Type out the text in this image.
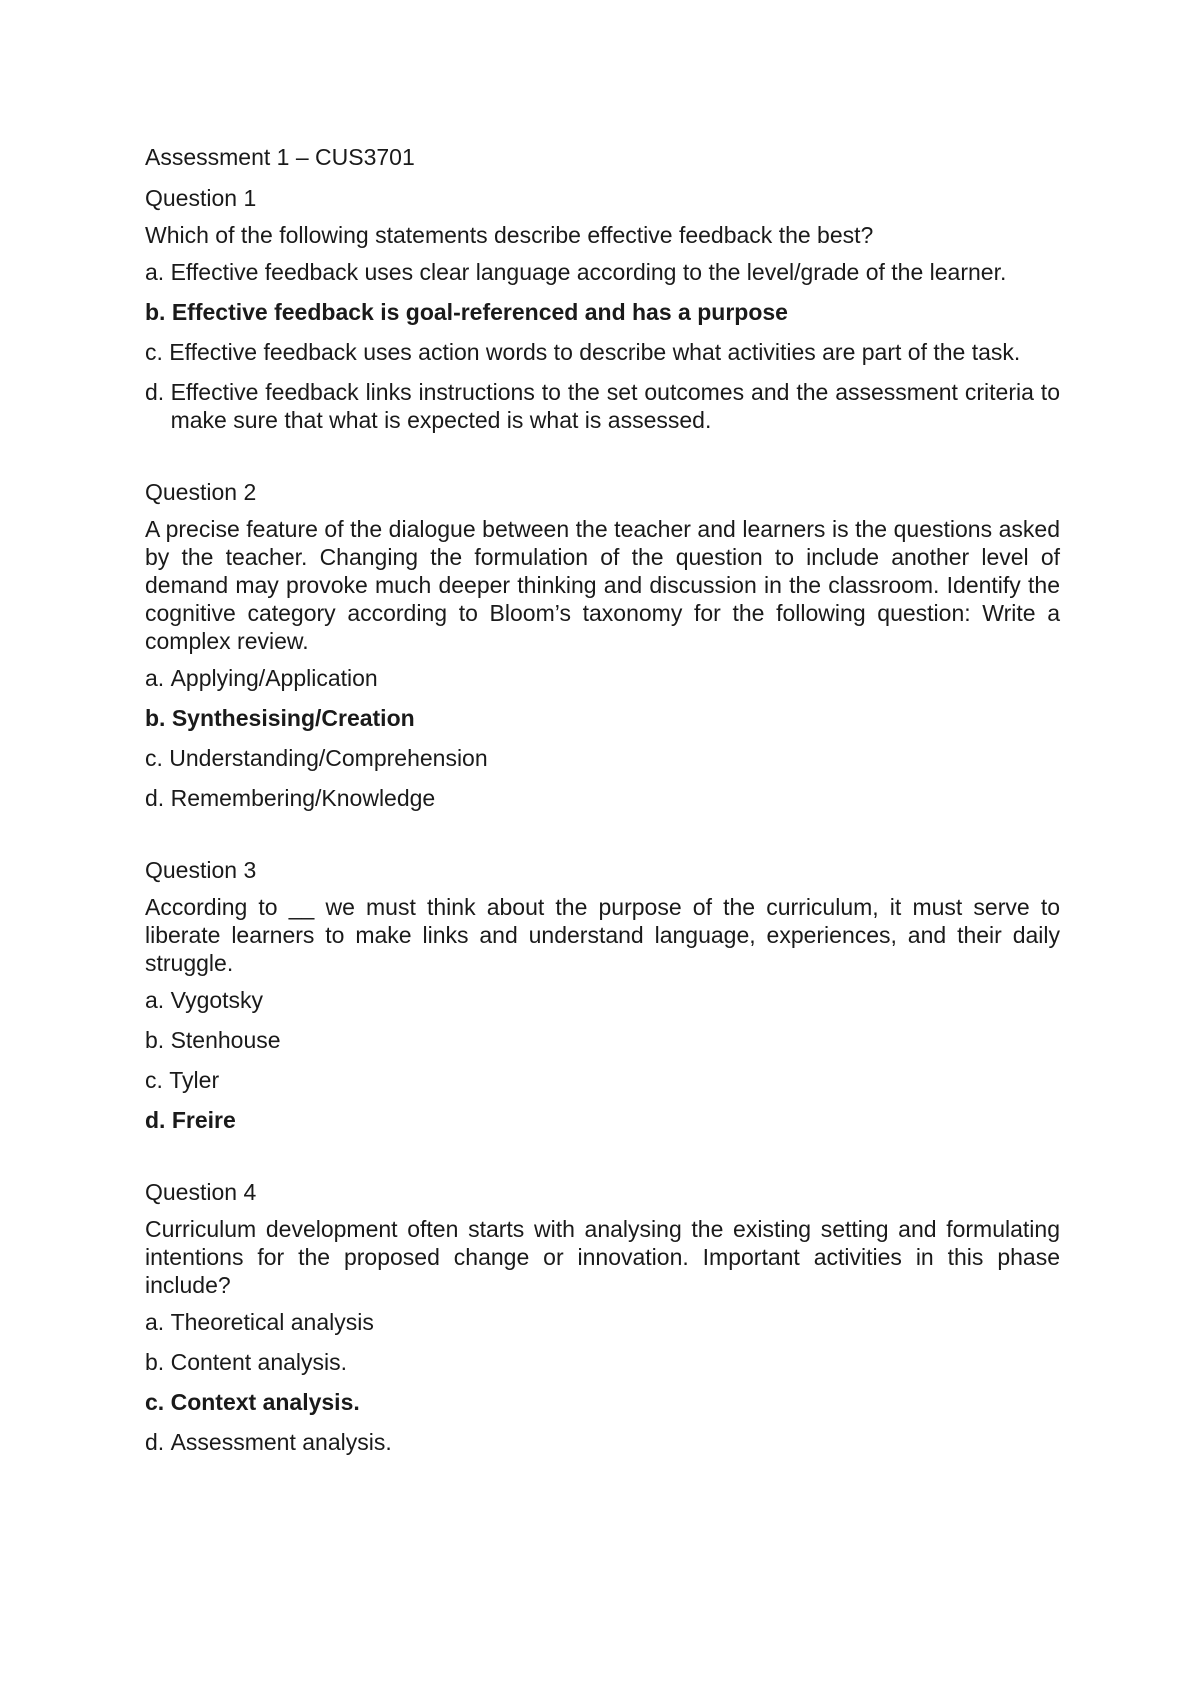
Assessment 1 – CUS3701
Question 1

Which of the following statements describe effective feedback the best?

a.
Effective feedback uses clear language according to the level/grade of the learner.
b.
Effective feedback is goal-referenced and has a purpose
c. Effective feedback uses action words to describe what activities are part of the task.
d.
Effective feedback links instructions to the set outcomes and the assessment criteria to make sure that what is expected is what is assessed.
Question 2

A precise feature of the dialogue between the teacher and learners is the questions asked by the teacher. Changing the formulation of the question to include another level of demand may provoke much deeper thinking and discussion in the classroom. Identify the cognitive category according to Bloom’s taxonomy for the following question: Write a complex review.

a.
Applying/Application
b.
Synthesising/Creation
c.
Understanding/Comprehension
d.
Remembering/Knowledge
Question 3

According to __ we must think about the purpose of the curriculum, it must serve to liberate learners to make links and understand language, experiences, and their daily struggle.

a.
Vygotsky
b.
Stenhouse
c.
Tyler
d.
Freire
Question 4

Curriculum development often starts with analysing the existing setting and formulating intentions for the proposed change or innovation. Important activities in this phase include?

a.
Theoretical analysis
b.
Content analysis.
c.
Context analysis.
d.
Assessment analysis.
